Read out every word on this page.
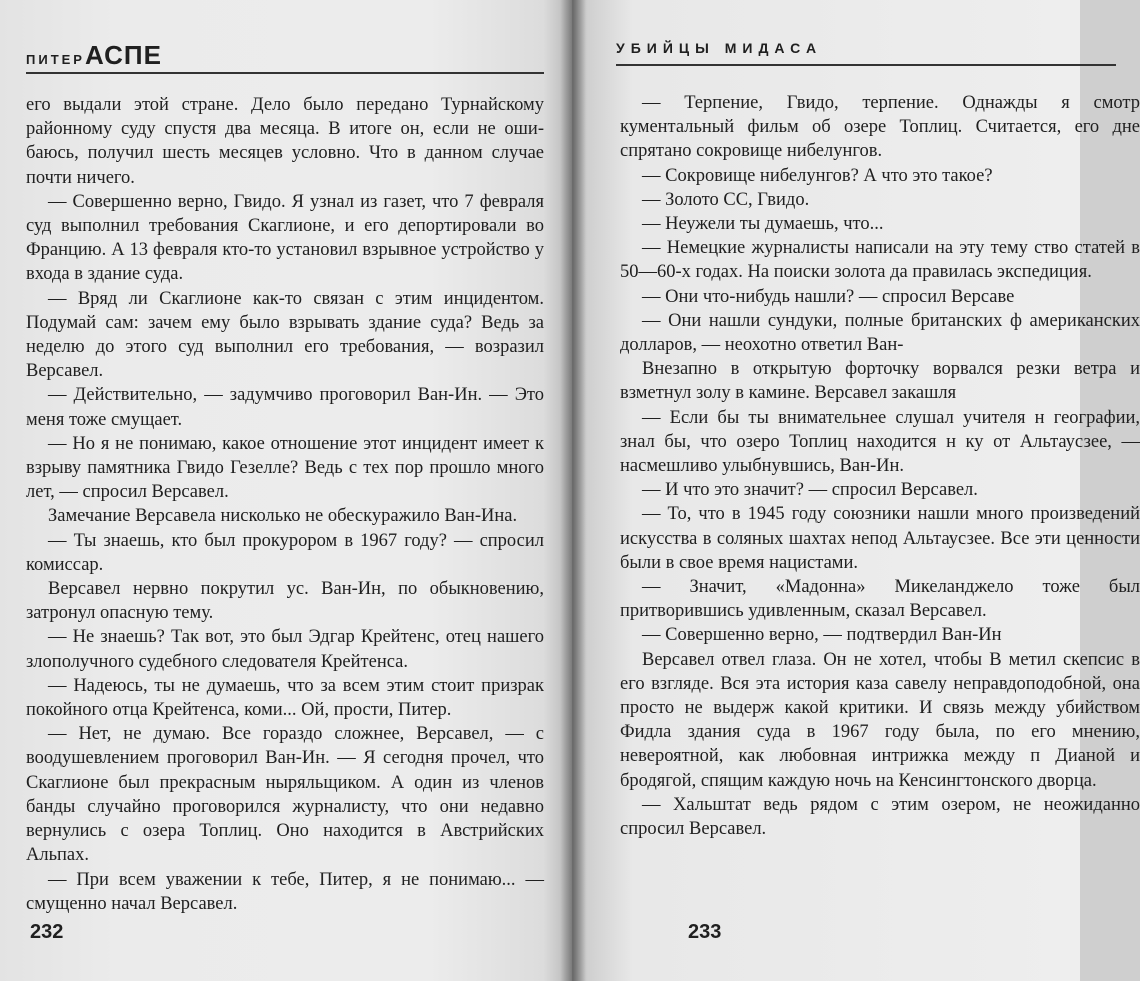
ПИТЕРАСПЕ

его выдали этой стране. Дело было передано Турнайскому районному суду спустя два месяца. В итоге он, если не ошибаюсь, получил шесть месяцев условно. Что в данном случае почти ничего.

— Совершенно верно, Гвидо. Я узнал из газет, что 7 февраля суд выполнил требования Скаглионе, и его депортировали во Францию. А 13 февраля кто-то установил взрывное устройство у входа в здание суда.

— Вряд ли Скаглионе как-то связан с этим инцидентом. Подумай сам: зачем ему было взрывать здание суда? Ведь за неделю до этого суд выполнил его требования, — возразил Версавел.

— Действительно, — задумчиво проговорил Ван-Ин. — Это меня тоже смущает.

— Но я не понимаю, какое отношение этот инцидент имеет к взрыву памятника Гвидо Гезелле? Ведь с тех пор прошло много лет, — спросил Версавел.

Замечание Версавела нисколько не обескуражило Ван-Ина.

— Ты знаешь, кто был прокурором в 1967 году? — спросил комиссар.

Версавел нервно покрутил ус. Ван-Ин, по обыкновению, затронул опасную тему.

— Не знаешь? Так вот, это был Эдгар Крейтенс, отец нашего злополучного судебного следователя Крейтенса.

— Надеюсь, ты не думаешь, что за всем этим стоит призрак покойного отца Крейтенса, коми... Ой, прости, Питер.

— Нет, не думаю. Все гораздо сложнее, Версавел, — с воодушевлением проговорил Ван-Ин. — Я сегодня прочел, что Скаглионе был прекрасным ныряльщиком. А один из членов банды случайно проговорился журналисту, что они недавно вернулись с озера Топлиц. Оно находится в Австрийских Альпах.

— При всем уважении к тебе, Питер, я не понимаю... — смущенно начал Версавел.

232
УБИЙЦЫ МИДАСА

— Терпение, Гвидо, терпение. Однажды я смотр кументальный фильм об озере Топлиц. Считается, его дне спрятано сокровище нибелунгов.

— Сокровище нибелунгов? А что это такое?

— Золото СС, Гвидо.

— Неужели ты думаешь, что...

— Немецкие журналисты написали на эту тему ство статей в 50—60-х годах. На поиски золота да правилась экспедиция.

— Они что-нибудь нашли? — спросил Версаве

— Они нашли сундуки, полные британских ф американских долларов, — неохотно ответил Ван-

Внезапно в открытую форточку ворвался резки ветра и взметнул золу в камине. Версавел закашля

— Если бы ты внимательнее слушал учителя н географии, знал бы, что озеро Топлиц находится н ку от Альтаусзее, — насмешливо улыбнувшись, Ван-Ин.

— И что это значит? — спросил Версавел.

— То, что в 1945 году союзники нашли много произведений искусства в соляных шахтах непод Альтаусзее. Все эти ценности были в свое время нацистами.

— Значит, «Мадонна» Микеланджело тоже был притворившись удивленным, сказал Версавел.

— Совершенно верно, — подтвердил Ван-Ин

Версавел отвел глаза. Он не хотел, чтобы В метил скепсис в его взгляде. Вся эта история каза савелу неправдоподобной, она просто не выдерж какой критики. И связь между убийством Фидла здания суда в 1967 году была, по его мнению, невероятной, как любовная интрижка между п Дианой и бродягой, спящим каждую ночь на Кенсингтонского дворца.

— Хальштат ведь рядом с этим озером, не неожиданно спросил Версавел.

233
